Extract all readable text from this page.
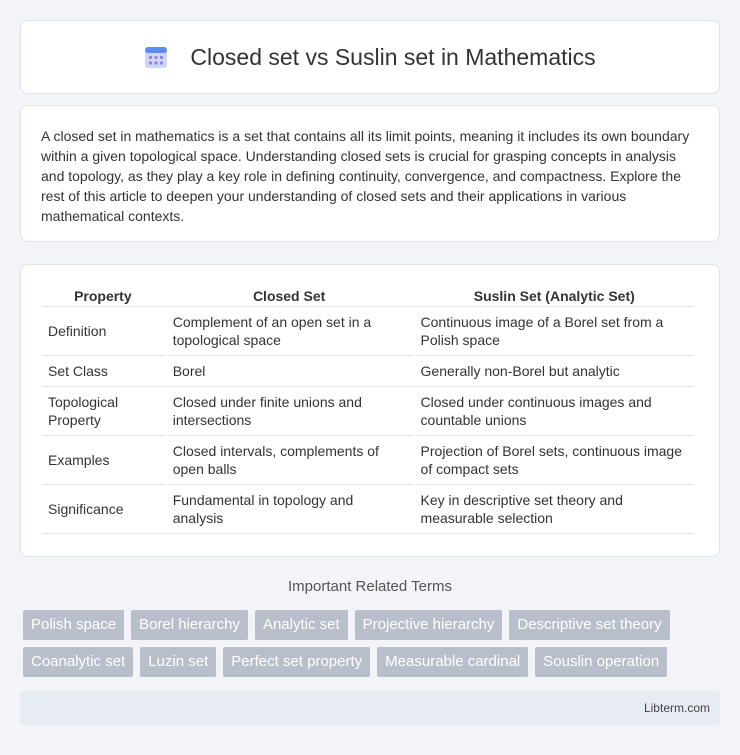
Closed set vs Suslin set in Mathematics

A closed set in mathematics is a set that contains all its limit points, meaning it includes its own boundary within a given topological space. Understanding closed sets is crucial for grasping concepts in analysis and topology, as they play a key role in defining continuity, convergence, and compactness. Explore the rest of this article to deepen your understanding of closed sets and their applications in various mathematical contexts.

Property	Closed Set	Suslin Set (Analytic Set)
Definition	Complement of an open set in a topological space	Continuous image of a Borel set from a Polish space
Set Class	Borel	Generally non-Borel but analytic
Topological Property	Closed under finite unions and intersections	Closed under continuous images and countable unions
Examples	Closed intervals, complements of open balls	Projection of Borel sets, continuous image of compact sets
Significance	Fundamental in topology and analysis	Key in descriptive set theory and measurable selection
Important Related Terms
Polish space	Borel hierarchy	Analytic set	Projective hierarchy	Descriptive set theory
Coanalytic set	Luzin set	Perfect set property	Measurable cardinal	Souslin operation
Libterm.com
